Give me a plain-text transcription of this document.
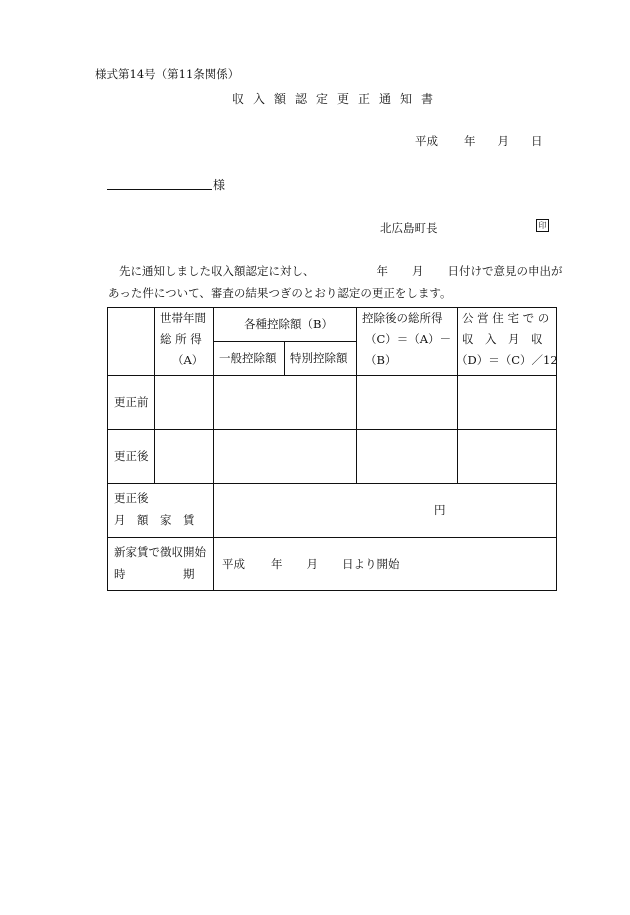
様式第14号（第11条関係）
収入額認定更正通知書
平成 年 月 日
様
北広島町長	印
先に通知しました収入額認定に対し、	年 月 日付けで意見の申出が
あった件について、審査の結果つぎのとおり認定の更正をします。
世帯年間
総 所 得
（A）
各種控除額（B）
一般控除額 特別控除額
控除後の総所得
（C）＝（A）－
（B）
公 営 住 宅 で の
収　入　月　収
（D）＝（C）／12
更正前
更正後
更正後
月　額　家　賃
円
新家賃で徴収開始
時　　　　　期
平成 年 月 日より開始
